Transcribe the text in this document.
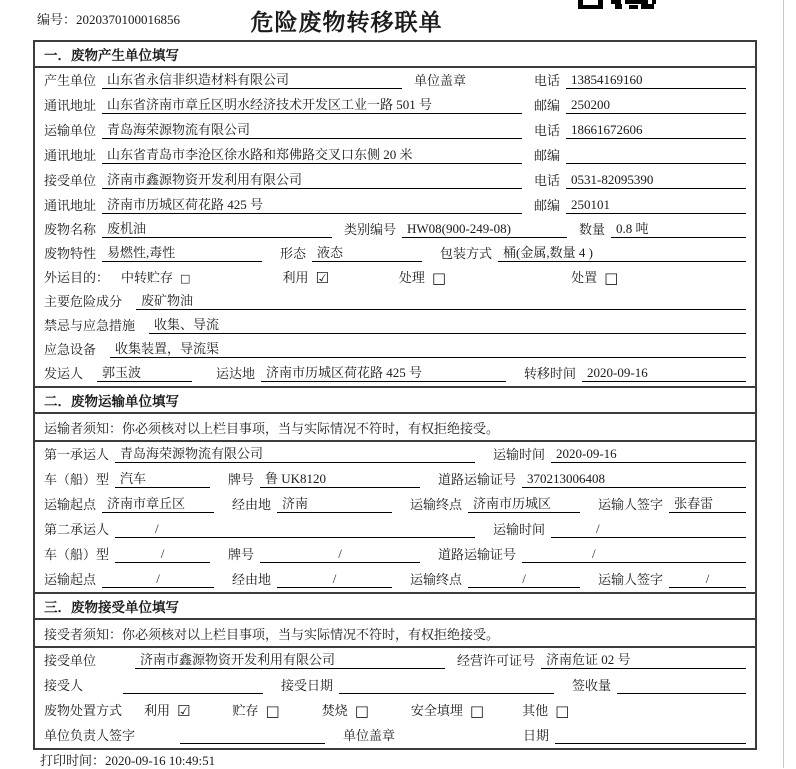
编号：2020370100016856	危险废物转移联单
一．废物产生单位填写
产生单位 山东省永信非织造材料有限公司	单位盖章	电话 13854169160
通讯地址 山东省济南市章丘区明水经济技术开发区工业一路 501 号	邮编 250200
运输单位 青岛海荣源物流有限公司	电话 18661672606
通讯地址 山东省青岛市李沧区徐水路和郑佛路交叉口东侧 20 米	邮编
接受单位 济南市鑫源物资开发利用有限公司	电话 0531-82095390
通讯地址 济南市历城区荷花路 425 号	邮编 250101
废物名称 废机油	类别编号 HW08(900-249-08)	数量 0.8 吨
废物特性 易燃性,毒性	形态 液态	包装方式 桶(金属,数量 4 )
外运目的： 中转贮存 □	利用 ☑	处理 □	处置 □
主要危险成分	废矿物油
禁忌与应急措施	收集、导流
应急设备	收集装置，导流渠
发运人	郭玉波	运达地 济南市历城区荷花路 425 号	转移时间 2020-09-16
二．废物运输单位填写
运输者须知：你必须核对以上栏目事项，当与实际情况不符时，有权拒绝接受。
第一承运人 青岛海荣源物流有限公司	运输时间 2020-09-16
车（船）型 汽车	牌号 鲁 UK8120	道路运输证号 370213006408
运输起点 济南市章丘区	经由地 济南	运输终点 济南市历城区	运输人签字 张春雷
第二承运人	/	运输时间	/
车（船）型	/	牌号	/	道路运输证号	/
运输起点	/	经由地	/	运输终点	/	运输人签字	/
三．废物接受单位填写
接受者须知：你必须核对以上栏目事项，当与实际情况不符时，有权拒绝接受。
接受单位	济南市鑫源物资开发利用有限公司	经营许可证号 济南危证 02 号
接受人	接受日期	签收量
废物处置方式 利用 ☑	贮存 □	焚烧 □	安全填埋 □	其他 □
单位负责人签字	单位盖章	日期
打印时间：2020-09-16 10:49:51
